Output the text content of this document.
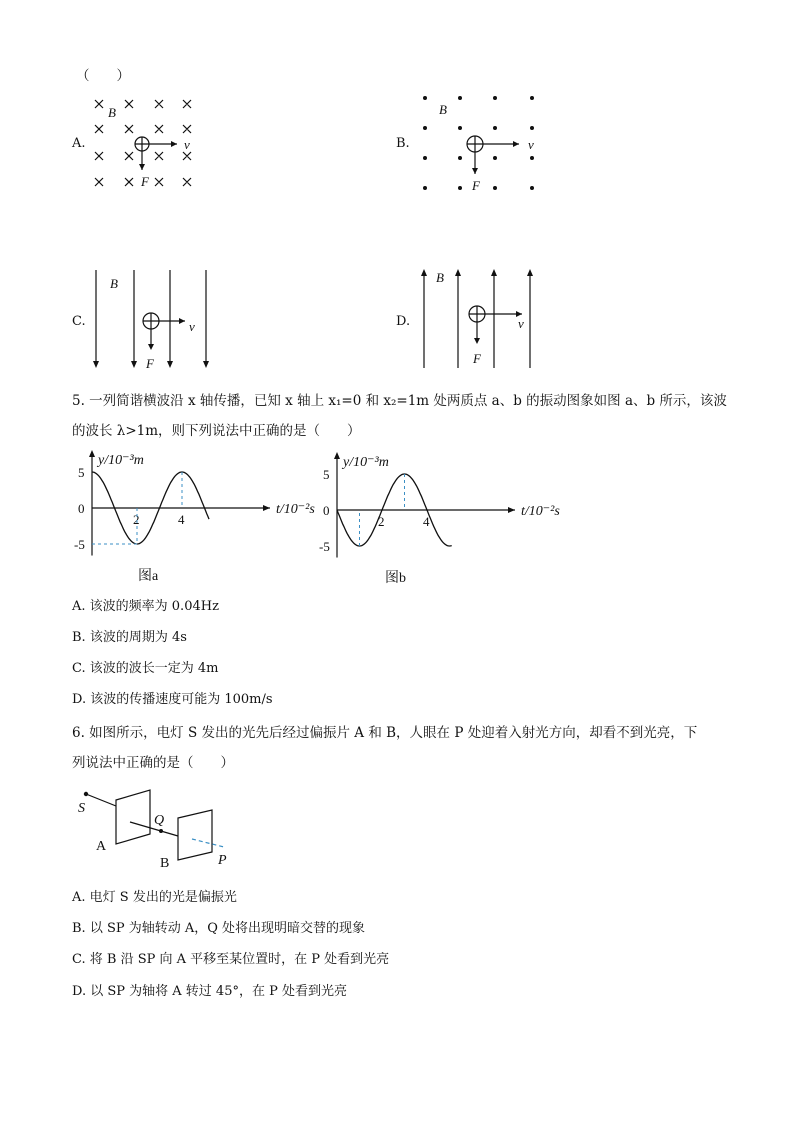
（　　）
A.
B
v
F
B.
B
v
F
C.
B
v
F
D.
B
v
F
5. 一列简谐横波沿 x 轴传播，已知 x 轴上 x₁=0 和 x₂=1m 处两质点 a、b 的振动图象如图 a、b 所示，该波
的波长 λ>1m，则下列说法中正确的是（　　）
y/10⁻³m
t/10⁻²s
5
0
-5
2	4
图a
y/10⁻³m
t/10⁻²s
5
0
-5
2	4
图b
A. 该波的频率为 0.04Hz
B. 该波的周期为 4s
C. 该波的波长一定为 4m
D. 该波的传播速度可能为 100m/s
6. 如图所示，电灯 S 发出的光先后经过偏振片 A 和 B，人眼在 P 处迎着入射光方向，却看不到光亮，下
列说法中正确的是（　　）
S
Q
A
B	P
A. 电灯 S 发出的光是偏振光
B. 以 SP 为轴转动 A，Q 处将出现明暗交替的现象
C. 将 B 沿 SP 向 A 平移至某位置时，在 P 处看到光亮
D. 以 SP 为轴将 A 转过 45°，在 P 处看到光亮
